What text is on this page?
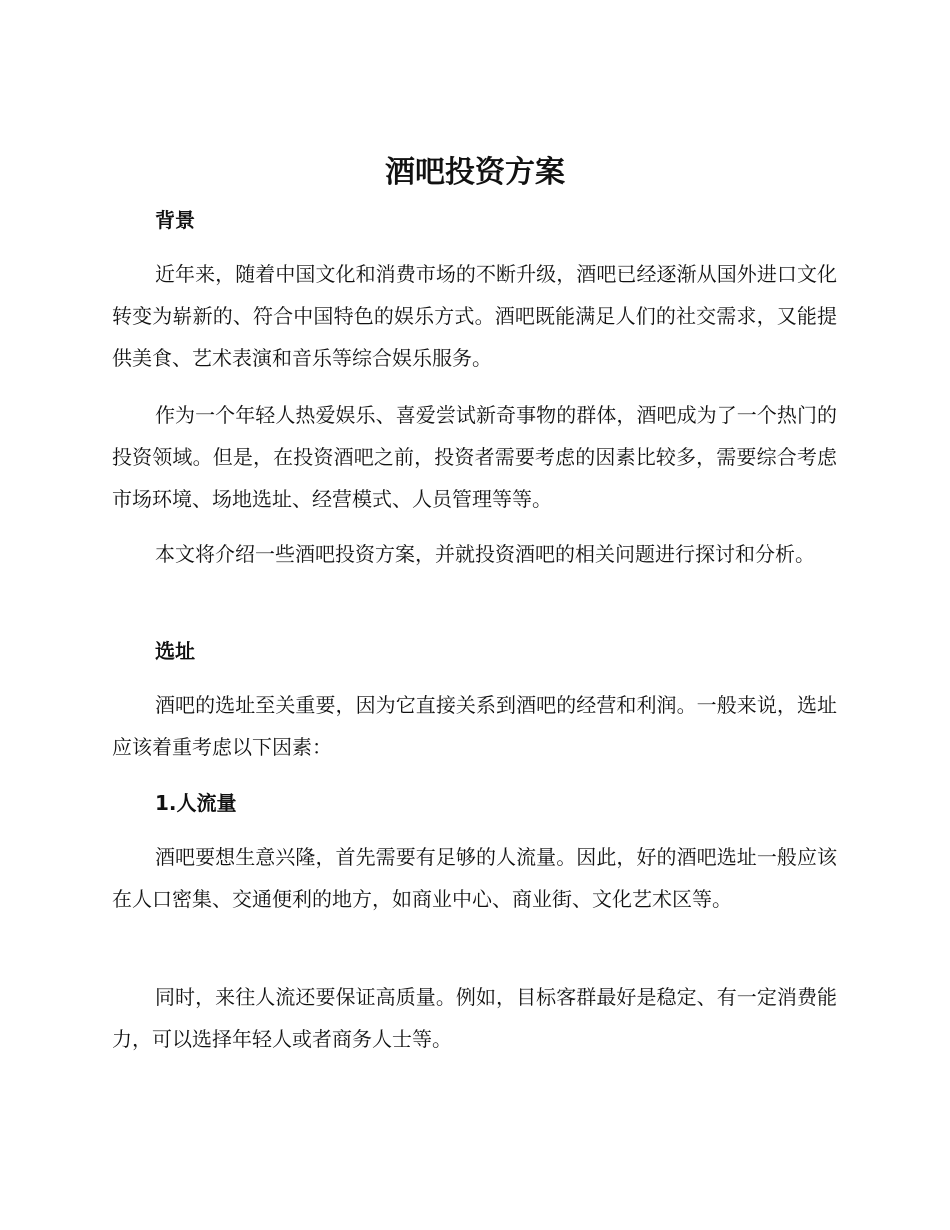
酒吧投资方案
背景

近年来，随着中国文化和消费市场的不断升级，酒吧已经逐渐从国外进口文化转变为崭新的、符合中国特色的娱乐方式。酒吧既能满足人们的社交需求，又能提供美食、艺术表演和音乐等综合娱乐服务。

作为一个年轻人热爱娱乐、喜爱尝试新奇事物的群体，酒吧成为了一个热门的投资领域。但是，在投资酒吧之前，投资者需要考虑的因素比较多，需要综合考虑市场环境、场地选址、经营模式、人员管理等等。

本文将介绍一些酒吧投资方案，并就投资酒吧的相关问题进行探讨和分析。

选址

酒吧的选址至关重要，因为它直接关系到酒吧的经营和利润。一般来说，选址应该着重考虑以下因素：

1.人流量

酒吧要想生意兴隆，首先需要有足够的人流量。因此，好的酒吧选址一般应该在人口密集、交通便利的地方，如商业中心、商业街、文化艺术区等。

同时，来往人流还要保证高质量。例如，目标客群最好是稳定、有一定消费能力，可以选择年轻人或者商务人士等。
